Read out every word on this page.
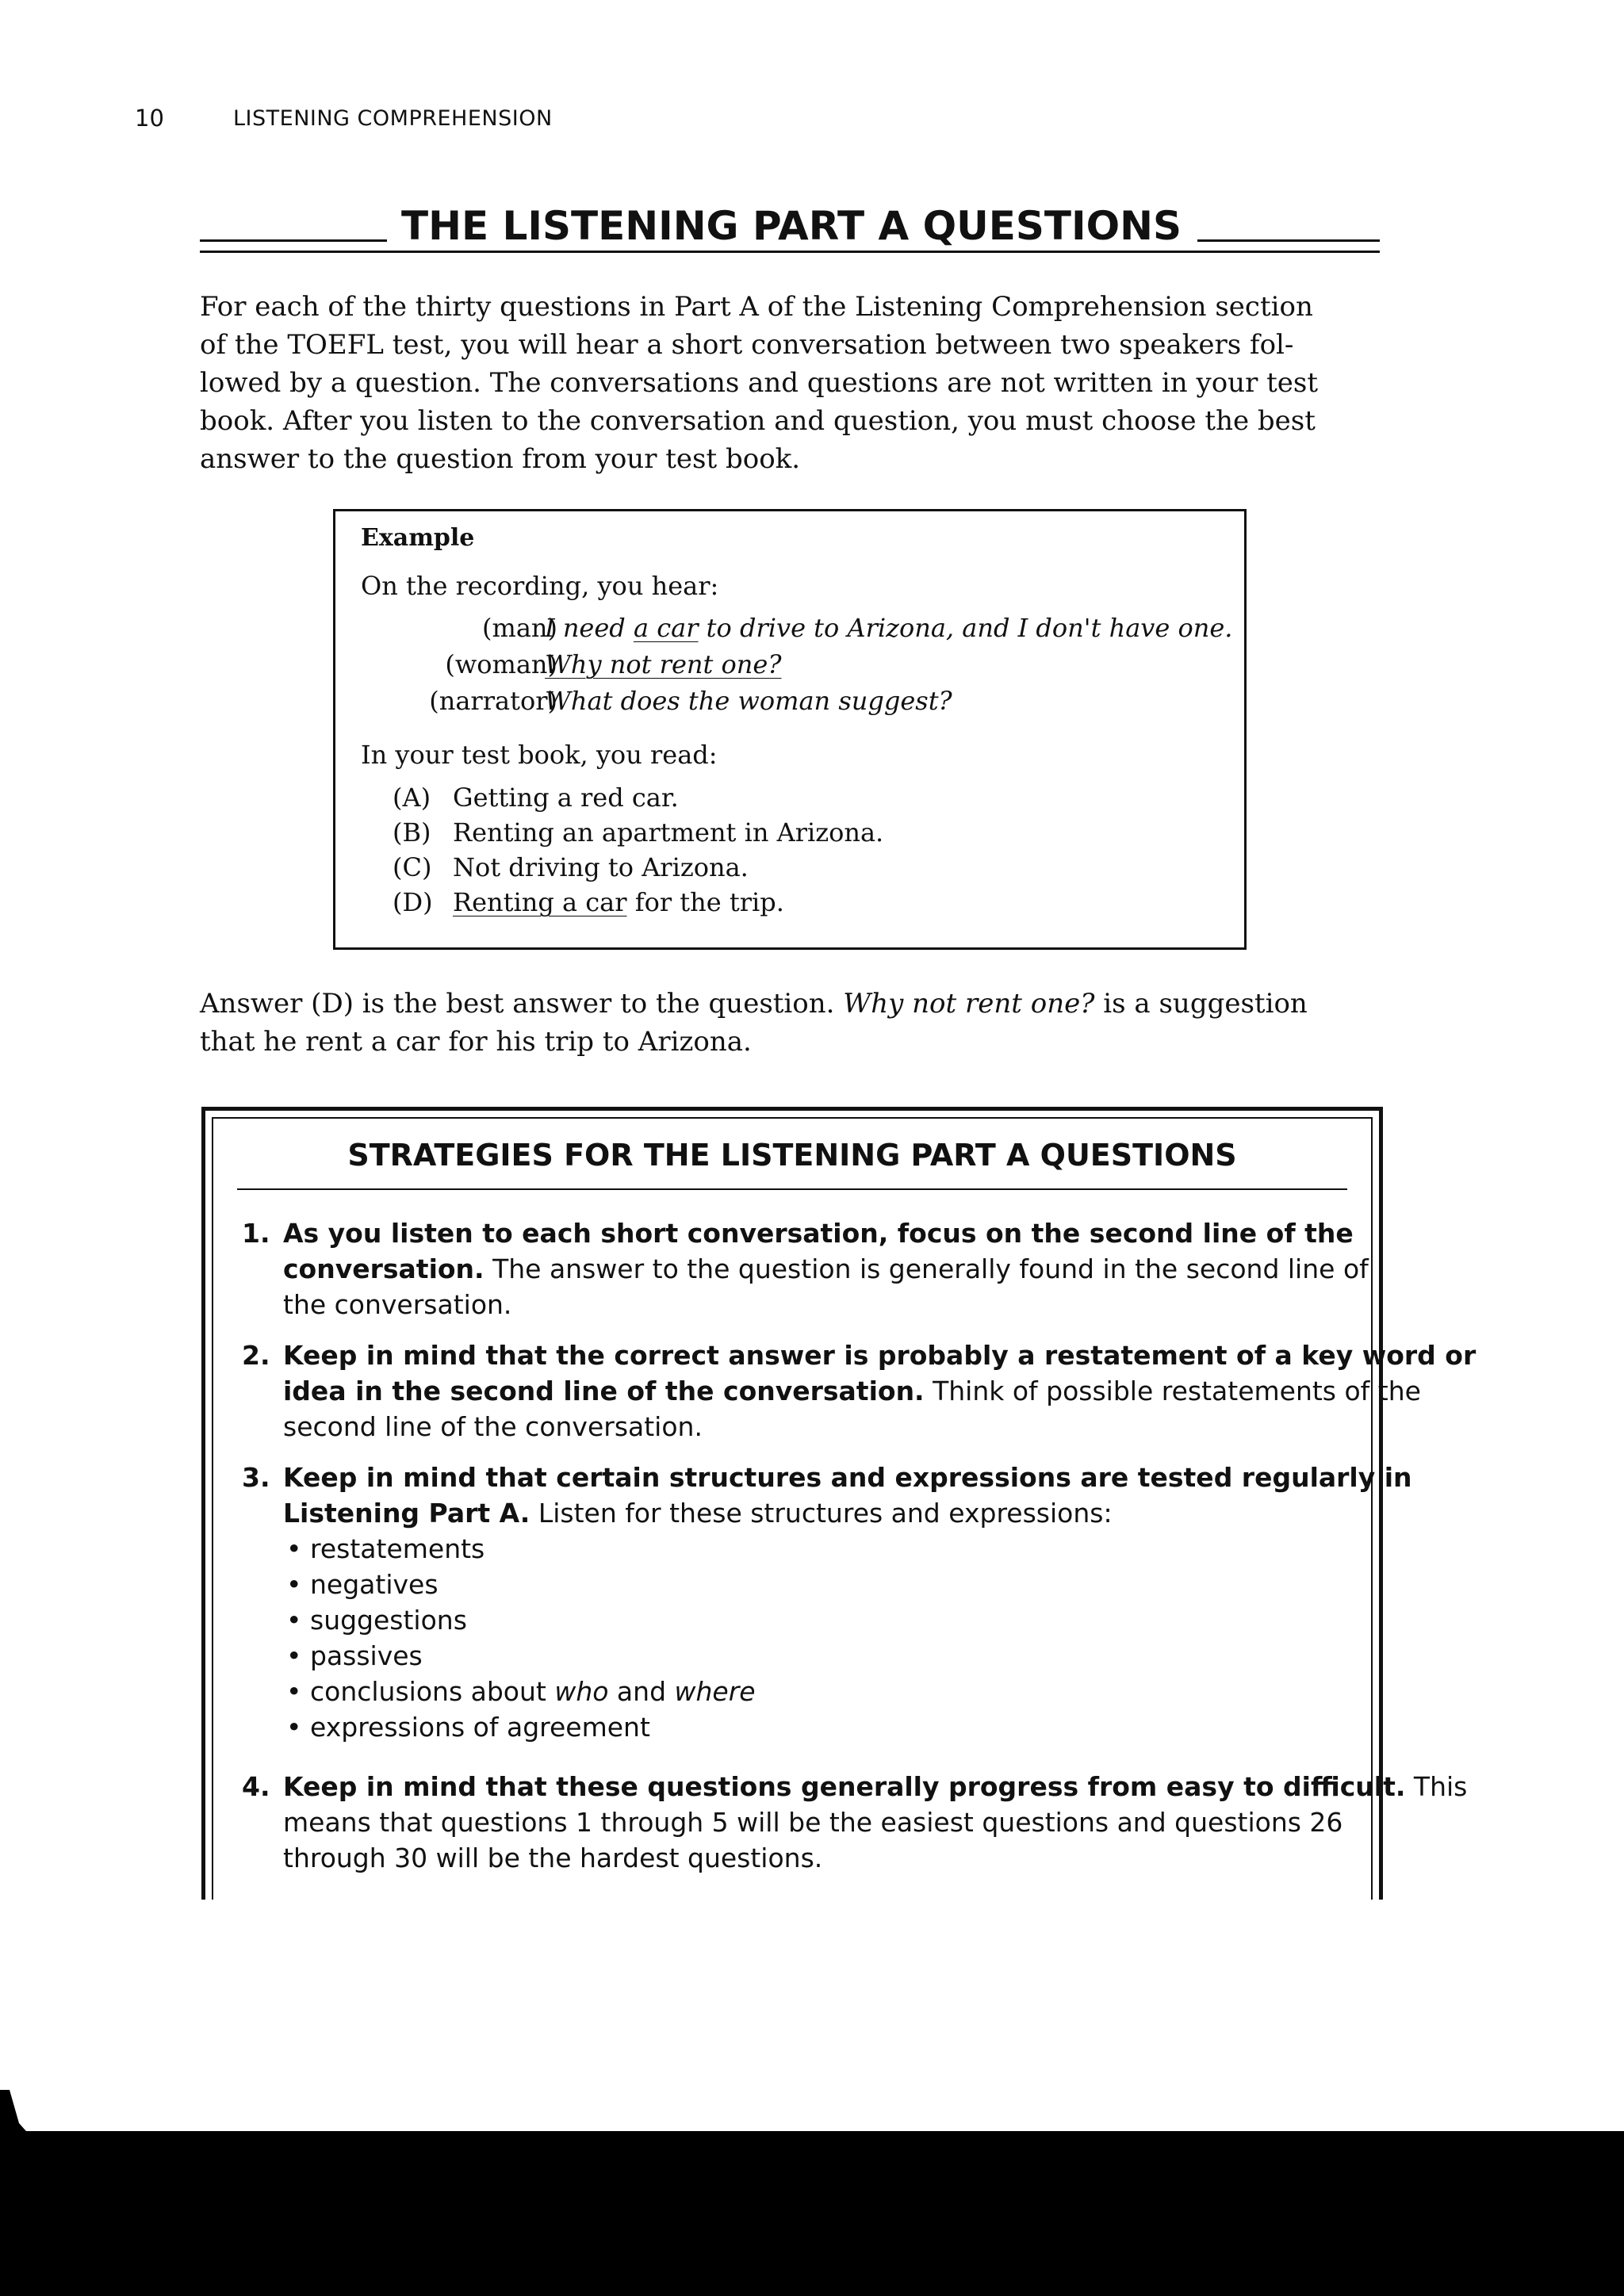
10	LISTENING COMPREHENSION
THE LISTENING PART A QUESTIONS
For each of the thirty questions in Part A of the Listening Comprehension section
of the TOEFL test, you will hear a short conversation between two speakers fol-
lowed by a question. The conversations and questions are not written in your test
book. After you listen to the conversation and question, you must choose the best
answer to the question from your test book.
Example
On the recording, you hear:
(man)
I need a car to drive to Arizona, and I don't have one.
(woman)
Why not rent one?
(narrator)
What does the woman suggest?
In your test book, you read:
(A) Getting a red car.
(B) Renting an apartment in Arizona.
(C) Not driving to Arizona.
(D) Renting a car for the trip.
Answer (D) is the best answer to the question. Why not rent one? is a suggestion
that he rent a car for his trip to Arizona.
STRATEGIES FOR THE LISTENING PART A QUESTIONS
1. As you listen to each short conversation, focus on the second line of the
conversation. The answer to the question is generally found in the second line of
the conversation.
2. Keep in mind that the correct answer is probably a restatement of a key word or
idea in the second line of the conversation. Think of possible restatements of the
second line of the conversation.
3. Keep in mind that certain structures and expressions are tested regularly in
Listening Part A. Listen for these structures and expressions:
• restatements
• negatives
• suggestions
• passives
• conclusions about who and where
• expressions of agreement
4. Keep in mind that these questions generally progress from easy to difficult. This
means that questions 1 through 5 will be the easiest questions and questions 26
through 30 will be the hardest questions.
